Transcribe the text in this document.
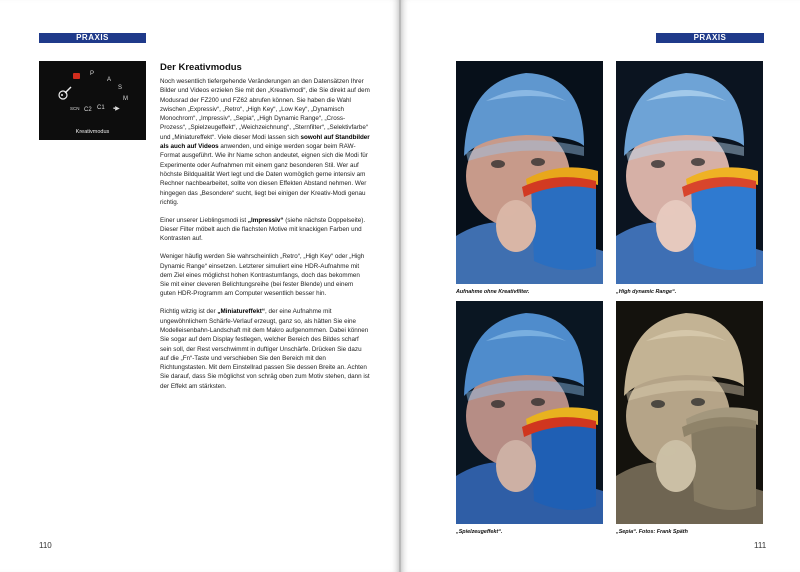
PRAXIS
P
A
S
M
▪▶
SCN C2 C1
Kreativmodus
Der Kreativmodus

Noch wesentlich tiefergehende Veränderungen an den Datensätzen Ihrer Bilder und Videos erzielen Sie mit den „Kreativmodi“, die Sie direkt auf dem Modusrad der FZ200 und FZ62 abrufen können. Sie haben die Wahl zwischen „Expressiv“, „Retro“, „High Key“, „Low Key“, „Dynamisch Monochrom“, „Impressiv“, „Sepia“, „High Dynamic Range“, „Cross-Prozess“, „Spielzeugeffekt“, „Weichzeichnung“, „Sternfilter“, „Selektivfarbe“ und „Miniatureffekt“. Viele dieser Modi lassen sich sowohl auf Standbilder als auch auf Videos anwenden, und einige werden sogar beim RAW-Format ausgeführt. Wie ihr Name schon andeutet, eignen sich die Modi für Experimente oder Aufnahmen mit einem ganz besonderen Stil. Wer auf höchste Bildqualität Wert legt und die Daten womöglich gerne intensiv am Rechner nachbearbeitet, sollte von diesen Effekten Abstand nehmen. Wer hingegen das „Besondere“ sucht, liegt bei einigen der Kreativ-Modi genau richtig.

Einer unserer Lieblingsmodi ist „Impressiv“ (siehe nächste Doppelseite). Dieser Filter möbelt auch die flachsten Motive mit knackigen Farben und Kontrasten auf.

Weniger häufig werden Sie wahrscheinlich „Retro“, „High Key“ oder „High Dynamic Range“ einsetzen. Letzterer simuliert eine HDR-Aufnahme mit dem Ziel eines möglichst hohen Kontrastumfangs, doch das bekommen Sie mit einer cleveren Belichtungsreihe (bei fester Blende) und einem guten HDR-Programm am Computer wesentlich besser hin.

Richtig witzig ist der „Miniatureffekt“, der eine Aufnahme mit ungewöhnlichem Schärfe-Verlauf erzeugt, ganz so, als hätten Sie eine Modelleisenbahn-Landschaft mit dem Makro aufgenommen. Dabei können Sie sogar auf dem Display festlegen, welcher Bereich des Bildes scharf sein soll, der Rest verschwimmt in duftiger Unschärfe. Drücken Sie dazu auf die „Fn“-Taste und verschieben Sie den Bereich mit den Richtungstasten. Mit dem Einstellrad passen Sie dessen Breite an. Achten Sie darauf, dass Sie möglichst von schräg oben zum Motiv stehen, dann ist der Effekt am stärksten.

110
PRAXIS
Aufnahme ohne Kreativfilter.	„High dynamic Range“.
„Spielzeugeffekt“.	„Sepia“. Fotos: Frank Späth
111
